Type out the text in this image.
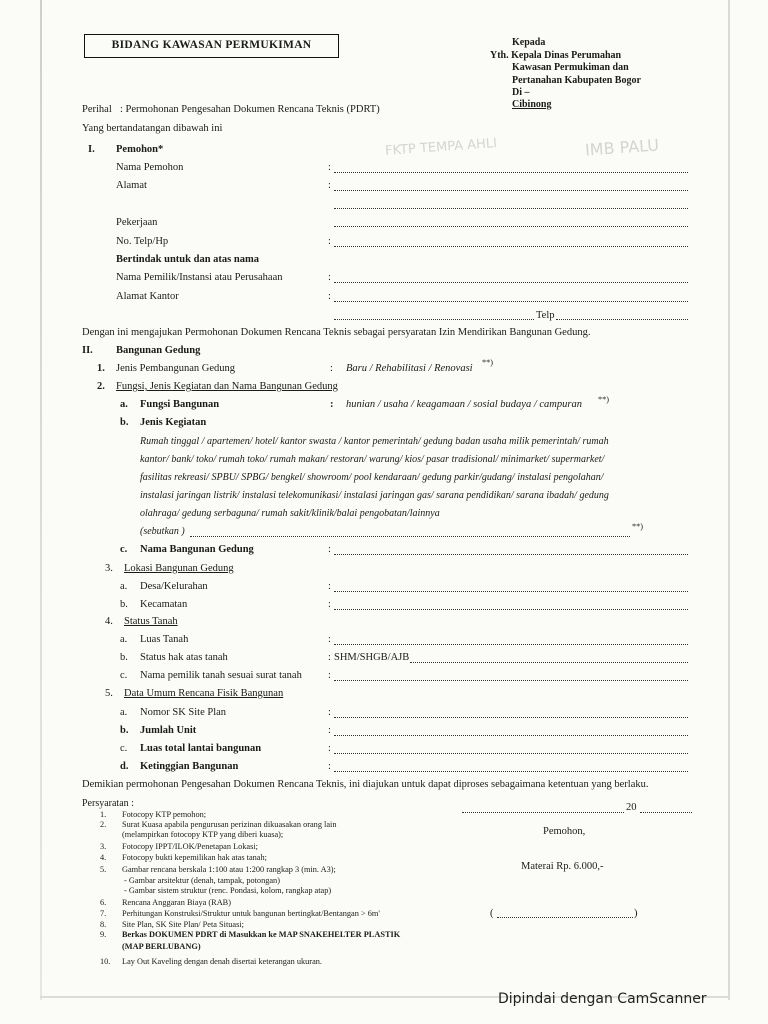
FKTP TEMPA AHLI	IMB PALU
BIDANG KAWASAN PERMUKIMAN	Kepada
Yth. Kepala Dinas Perumahan
Kawasan Permukiman dan
Pertanahan Kabupaten Bogor
Di –
Cibinong
Perihal : Permohonan Pengesahan Dokumen Rencana Teknis (PDRT)
Yang bertandatangan dibawah ini
I. Pemohon*
Nama Pemohon	:
Alamat	:
Pekerjaan
No. Telp/Hp	:
Bertindak untuk dan atas nama
Nama Pemilik/Instansi atau Perusahaan	:
Alamat Kantor	:
Telp
Dengan ini mengajukan Permohonan Dokumen Rencana Teknis sebagai persyaratan Izin Mendirikan Bangunan Gedung.
II. Bangunan Gedung
1. Jenis Pembangunan Gedung	: Baru / Rehabilitasi / Renovasi
**)
2. Fungsi, Jenis Kegiatan dan Nama Bangunan Gedung
a. Fungsi Bangunan	: hunian / usaha / keagamaan / sosial budaya / campuran **)
b. Jenis Kegiatan
Rumah tinggal / apartemen/ hotel/ kantor swasta / kantor pemerintah/ gedung badan usaha milik pemerintah/ rumah
kantor/ bank/ toko/ rumah toko/ rumah makan/ restoran/ warung/ kios/ pasar tradisional/ minimarket/ supermarket/
fasilitas rekreasi/ SPBU/ SPBG/ bengkel/ showroom/ pool kendaraan/ gedung parkir/gudang/ instalasi pengolahan/
instalasi jaringan listrik/ instalasi telekomunikasi/ instalasi jaringan gas/ sarana pendidikan/ sarana ibadah/ gedung
olahraga/ gedung serbaguna/ rumah sakit/klinik/balai pengobatan/lainnya
(sebutkan )	**)
c. Nama Bangunan Gedung	:
3. Lokasi Bangunan Gedung
a. Desa/Kelurahan	:
b. Kecamatan	:
4. Status Tanah
a. Luas Tanah	:
b. Status hak atas tanah	: SHM/SHGB/AJB
c. Nama pemilik tanah sesuai surat tanah :
5. Data Umum Rencana Fisik Bangunan
a. Nomor SK Site Plan	:
b. Jumlah Unit	:
c. Luas total lantai bangunan	:
d. Ketinggian Bangunan	:
Demikian permohonan Pengesahan Dokumen Rencana Teknis, ini diajukan untuk dapat diproses sebagaimana ketentuan yang berlaku.
Persyaratan :
1. Fotocopy KTP pemohon;
2. Surat Kuasa apabila pengurusan perizinan dikuasakan orang lain
(melampirkan fotocopy KTP yang diberi kuasa);
3. Fotocopy IPPT/ILOK/Penetapan Lokasi;
4. Fotocopy bukti kepemilikan hak atas tanah;
5. Gambar rencana berskala 1:100 atau 1:200 rangkap 3 (min. A3);
- Gambar arsitektur (denah, tampak, potongan)
- Gambar sistem struktur (renc. Pondasi, kolom, rangkap atap)
6. Rencana Anggaran Biaya (RAB)
7. Perhitungan Konstruksi/Struktur untuk bangunan bertingkat/Bentangan > 6m'
8. Site Plan, SK Site Plan/ Peta Situasi;
9. Berkas DOKUMEN PDRT di Masukkan ke MAP SNAKEHELTER PLASTIK
(MAP BERLUBANG)
10. Lay Out Kaveling dengan denah disertai keterangan ukuran.
20
Pemohon,
Materai Rp. 6.000,-
(	)
Dipindai dengan CamScanner
